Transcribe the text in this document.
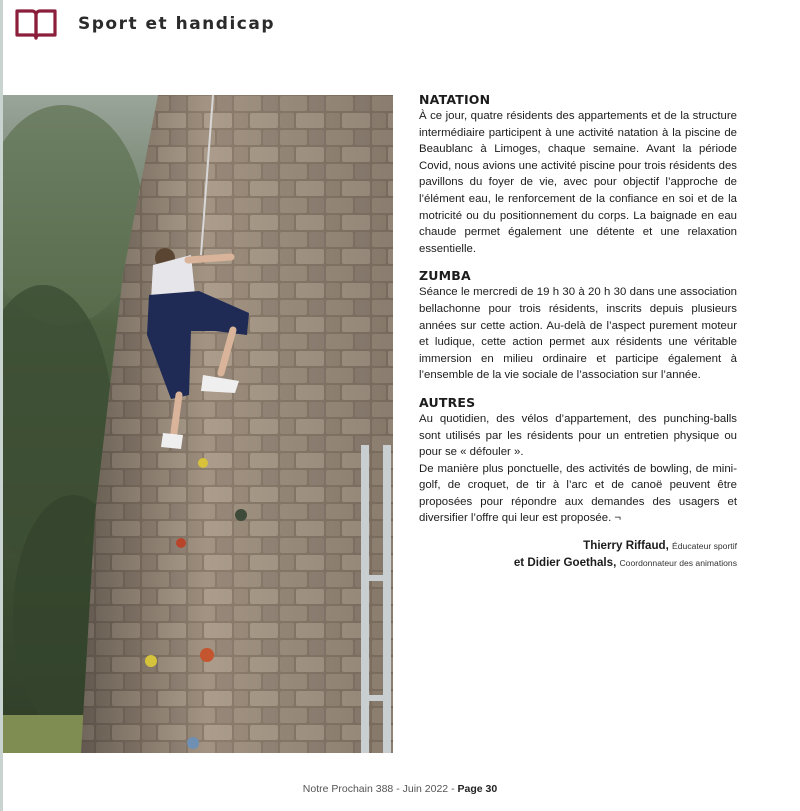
Sport et handicap
NATATION

À ce jour, quatre résidents des appartements et de la structure intermédiaire participent à une activité natation à la piscine de Beaublanc à Limoges, chaque semaine. Avant la période Covid, nous avions une activité piscine pour trois résidents des pavillons du foyer de vie, avec pour objectif l’approche de l’élément eau, le renforcement de la confiance en soi et de la motricité ou du positionnement du corps. La baignade en eau chaude permet également une détente et une relaxation essentielle.

ZUMBA

Séance le mercredi de 19 h 30 à 20 h 30 dans une association bellachonne pour trois résidents, inscrits depuis plusieurs années sur cette action. Au-delà de l’aspect purement moteur et ludique, cette action permet aux résidents une véritable immersion en milieu ordinaire et participe également à l’ensemble de la vie sociale de l’association sur l’année.

AUTRES

Au quotidien, des vélos d’appartement, des punching-balls sont utilisés par les résidents pour un entretien physique ou pour se « défouler ».

De manière plus ponctuelle, des activités de bowling, de mini-golf, de croquet, de tir à l’arc et de canoë peuvent être proposées pour répondre aux demandes des usagers et diversifier l’offre qui leur est proposée. ¬

Thierry Riffaud, Éducateur sportif
et Didier Goethals, Coordonnateur des animations
Notre Prochain 388 - Juin 2022 - Page 30
